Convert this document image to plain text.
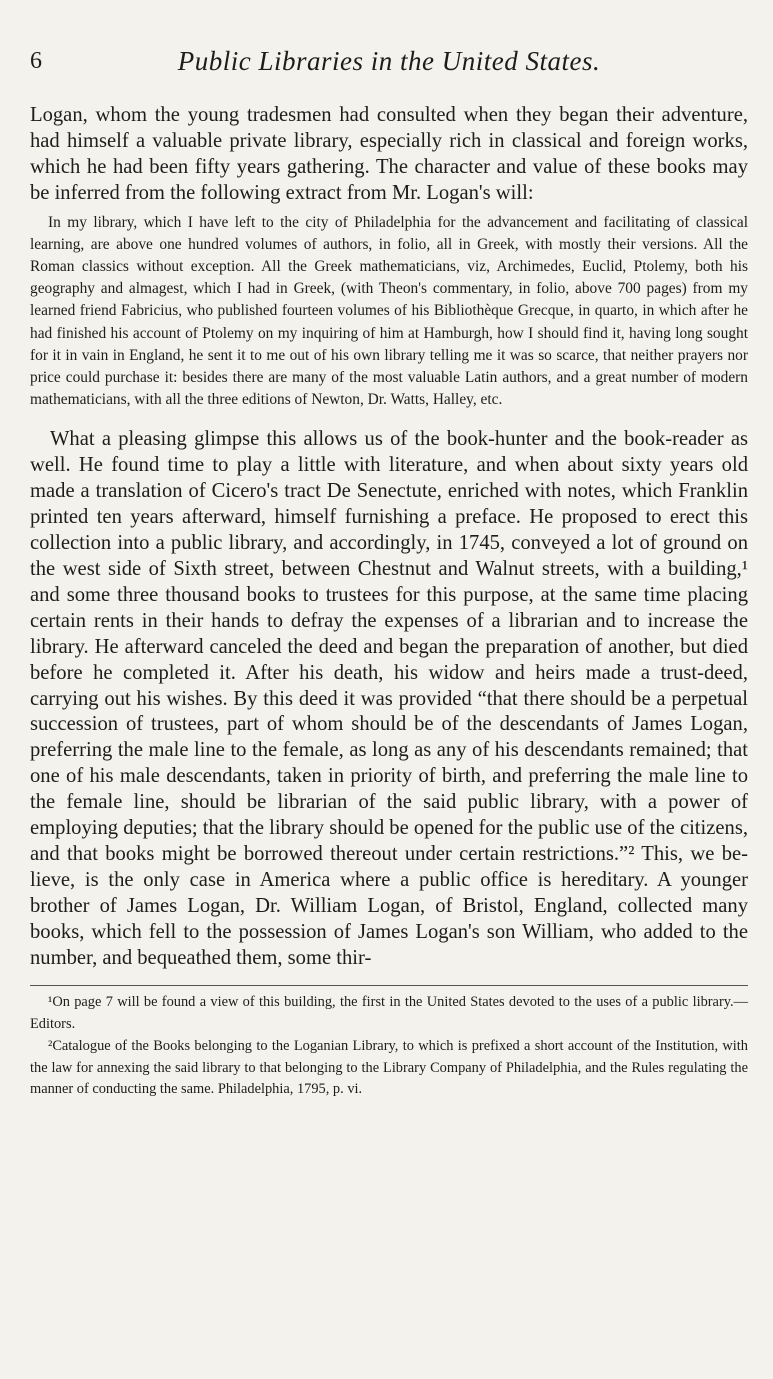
6	Public Libraries in the United States.

Logan, whom the young tradesmen had consulted when they began their adventure, had himself a valuable private library, especially rich in classical and foreign works, which he had been fifty years gathering. The character and value of these books may be inferred from the following extract from Mr. Logan's will:

In my library, which I have left to the city of Philadelphia for the advancement and facilitating of classical learning, are above one hundred volumes of authors, in folio, all in Greek, with mostly their versions. All the Roman classics without exception. All the Greek mathematicians, viz, Archimedes, Euclid, Ptolemy, both his geography and almagest, which I had in Greek, (with Theon's commentary, in folio, above 700 pages) from my learned friend Fabricius, who published fourteen volumes of his Bibliothèque Grecque, in quarto, in which after he had finished his account of Ptolemy on my inquiring of him at Hamburgh, how I should find it, having long sought for it in vain in England, he sent it to me out of his own library telling me it was so scarce, that neither prayers nor price could purchase it: besides there are many of the most valuable Latin authors, and a great number of modern mathematicians, with all the three editions of Newton, Dr. Watts, Halley, etc.

What a pleasing glimpse this allows us of the book-hunter and the book-reader as well. He found time to play a little with literature, and when about sixty years old made a translation of Cicero's tract De Senectute, enriched with notes, which Franklin printed ten years afterward, himself furnishing a preface. He proposed to erect this collection into a public library, and accordingly, in 1745, conveyed a lot of ground on the west side of Sixth street, between Chestnut and Walnut streets, with a building,¹ and some three thousand books to trustees for this purpose, at the same time placing certain rents in their hands to defray the expenses of a librarian and to increase the library. He afterward canceled the deed and began the preparation of another, but died before he completed it. After his death, his widow and heirs made a trust-deed, carrying out his wishes. By this deed it was provided “that there should be a perpetual succession of trustees, part of whom should be of the descendants of James Logan, preferring the male line to the female, as long as any of his descendants remained; that one of his male descendants, taken in priority of birth, and preferring the male line to the female line, should be librarian of the said public library, with a power of employing deputies; that the library should be opened for the public use of the citizens, and that books might be borrowed thereout under certain restrictions.”² This, we believe, is the only case in America where a public office is hereditary. A younger brother of James Logan, Dr. William Logan, of Bristol, England, collected many books, which fell to the possession of James Logan's son William, who added to the number, and bequeathed them, some thir-

¹On page 7 will be found a view of this building, the first in the United States devoted to the uses of a public library.—Editors.

²Catalogue of the Books belonging to the Loganian Library, to which is prefixed a short account of the Institution, with the law for annexing the said library to that belonging to the Library Company of Philadelphia, and the Rules regulating the manner of conducting the same. Philadelphia, 1795, p. vi.
